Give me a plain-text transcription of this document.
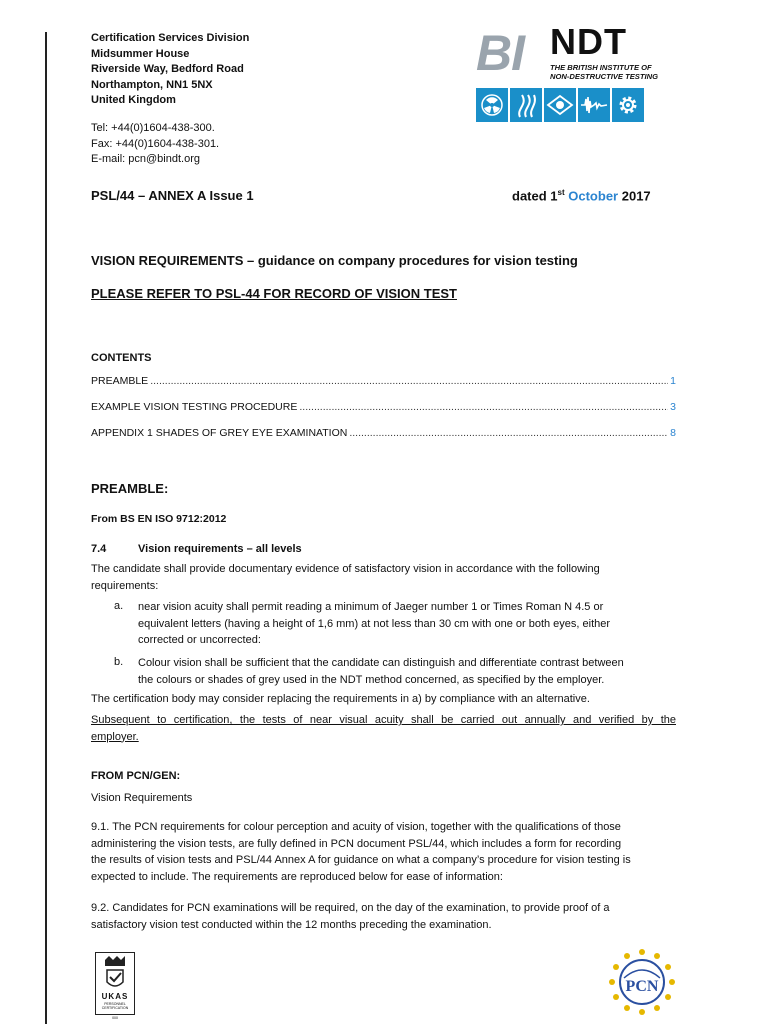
Certification Services Division
Midsummer House
Riverside Way, Bedford Road
Northampton, NN1 5NX
United Kingdom
Tel: +44(0)1604-438-300.
Fax: +44(0)1604-438-301.
E-mail: pcn@bindt.org
BI NDT
THE BRITISH INSTITUTE OF
NON-DESTRUCTIVE TESTING
PSL/44 – ANNEX A Issue 1	dated 1st October 2017
VISION REQUIREMENTS – guidance on company procedures for vision testing
PLEASE REFER TO PSL-44 FOR RECORD OF VISION TEST
CONTENTS
PREAMBLE .....	1
EXAMPLE VISION TESTING PROCEDURE .....	3
APPENDIX 1 SHADES OF GREY EYE EXAMINATION .....	8
PREAMBLE:
From BS EN ISO 9712:2012
7.4	Vision requirements – all levels
The candidate shall provide documentary evidence of satisfactory vision in accordance with the following
requirements:
a. near vision acuity shall permit reading a minimum of Jaeger number 1 or Times Roman N 4.5 or
equivalent letters (having a height of 1,6 mm) at not less than 30 cm with one or both eyes, either
corrected or uncorrected:
b. Colour vision shall be sufficient that the candidate can distinguish and differentiate contrast between
the colours or shades of grey used in the NDT method concerned, as specified by the employer.
The certification body may consider replacing the requirements in a) by compliance with an alternative.
Subsequent to certification, the tests of near visual acuity shall be carried out annually and verified by the
employer.
FROM PCN/GEN:
Vision Requirements
9.1. The PCN requirements for colour perception and acuity of vision, together with the qualifications of those
administering the vision tests, are fully defined in PCN document PSL/44, which includes a form for recording
the results of vision tests and PSL/44 Annex A for guidance on what a company’s procedure for vision testing is
expected to include. The requirements are reproduced below for ease of information:
9.2. Candidates for PCN examinations will be required, on the day of the examination, to provide proof of a
satisfactory vision test conducted within the 12 months preceding the examination.
UKAS
PERSONNEL CERTIFICATION
000
PCN
